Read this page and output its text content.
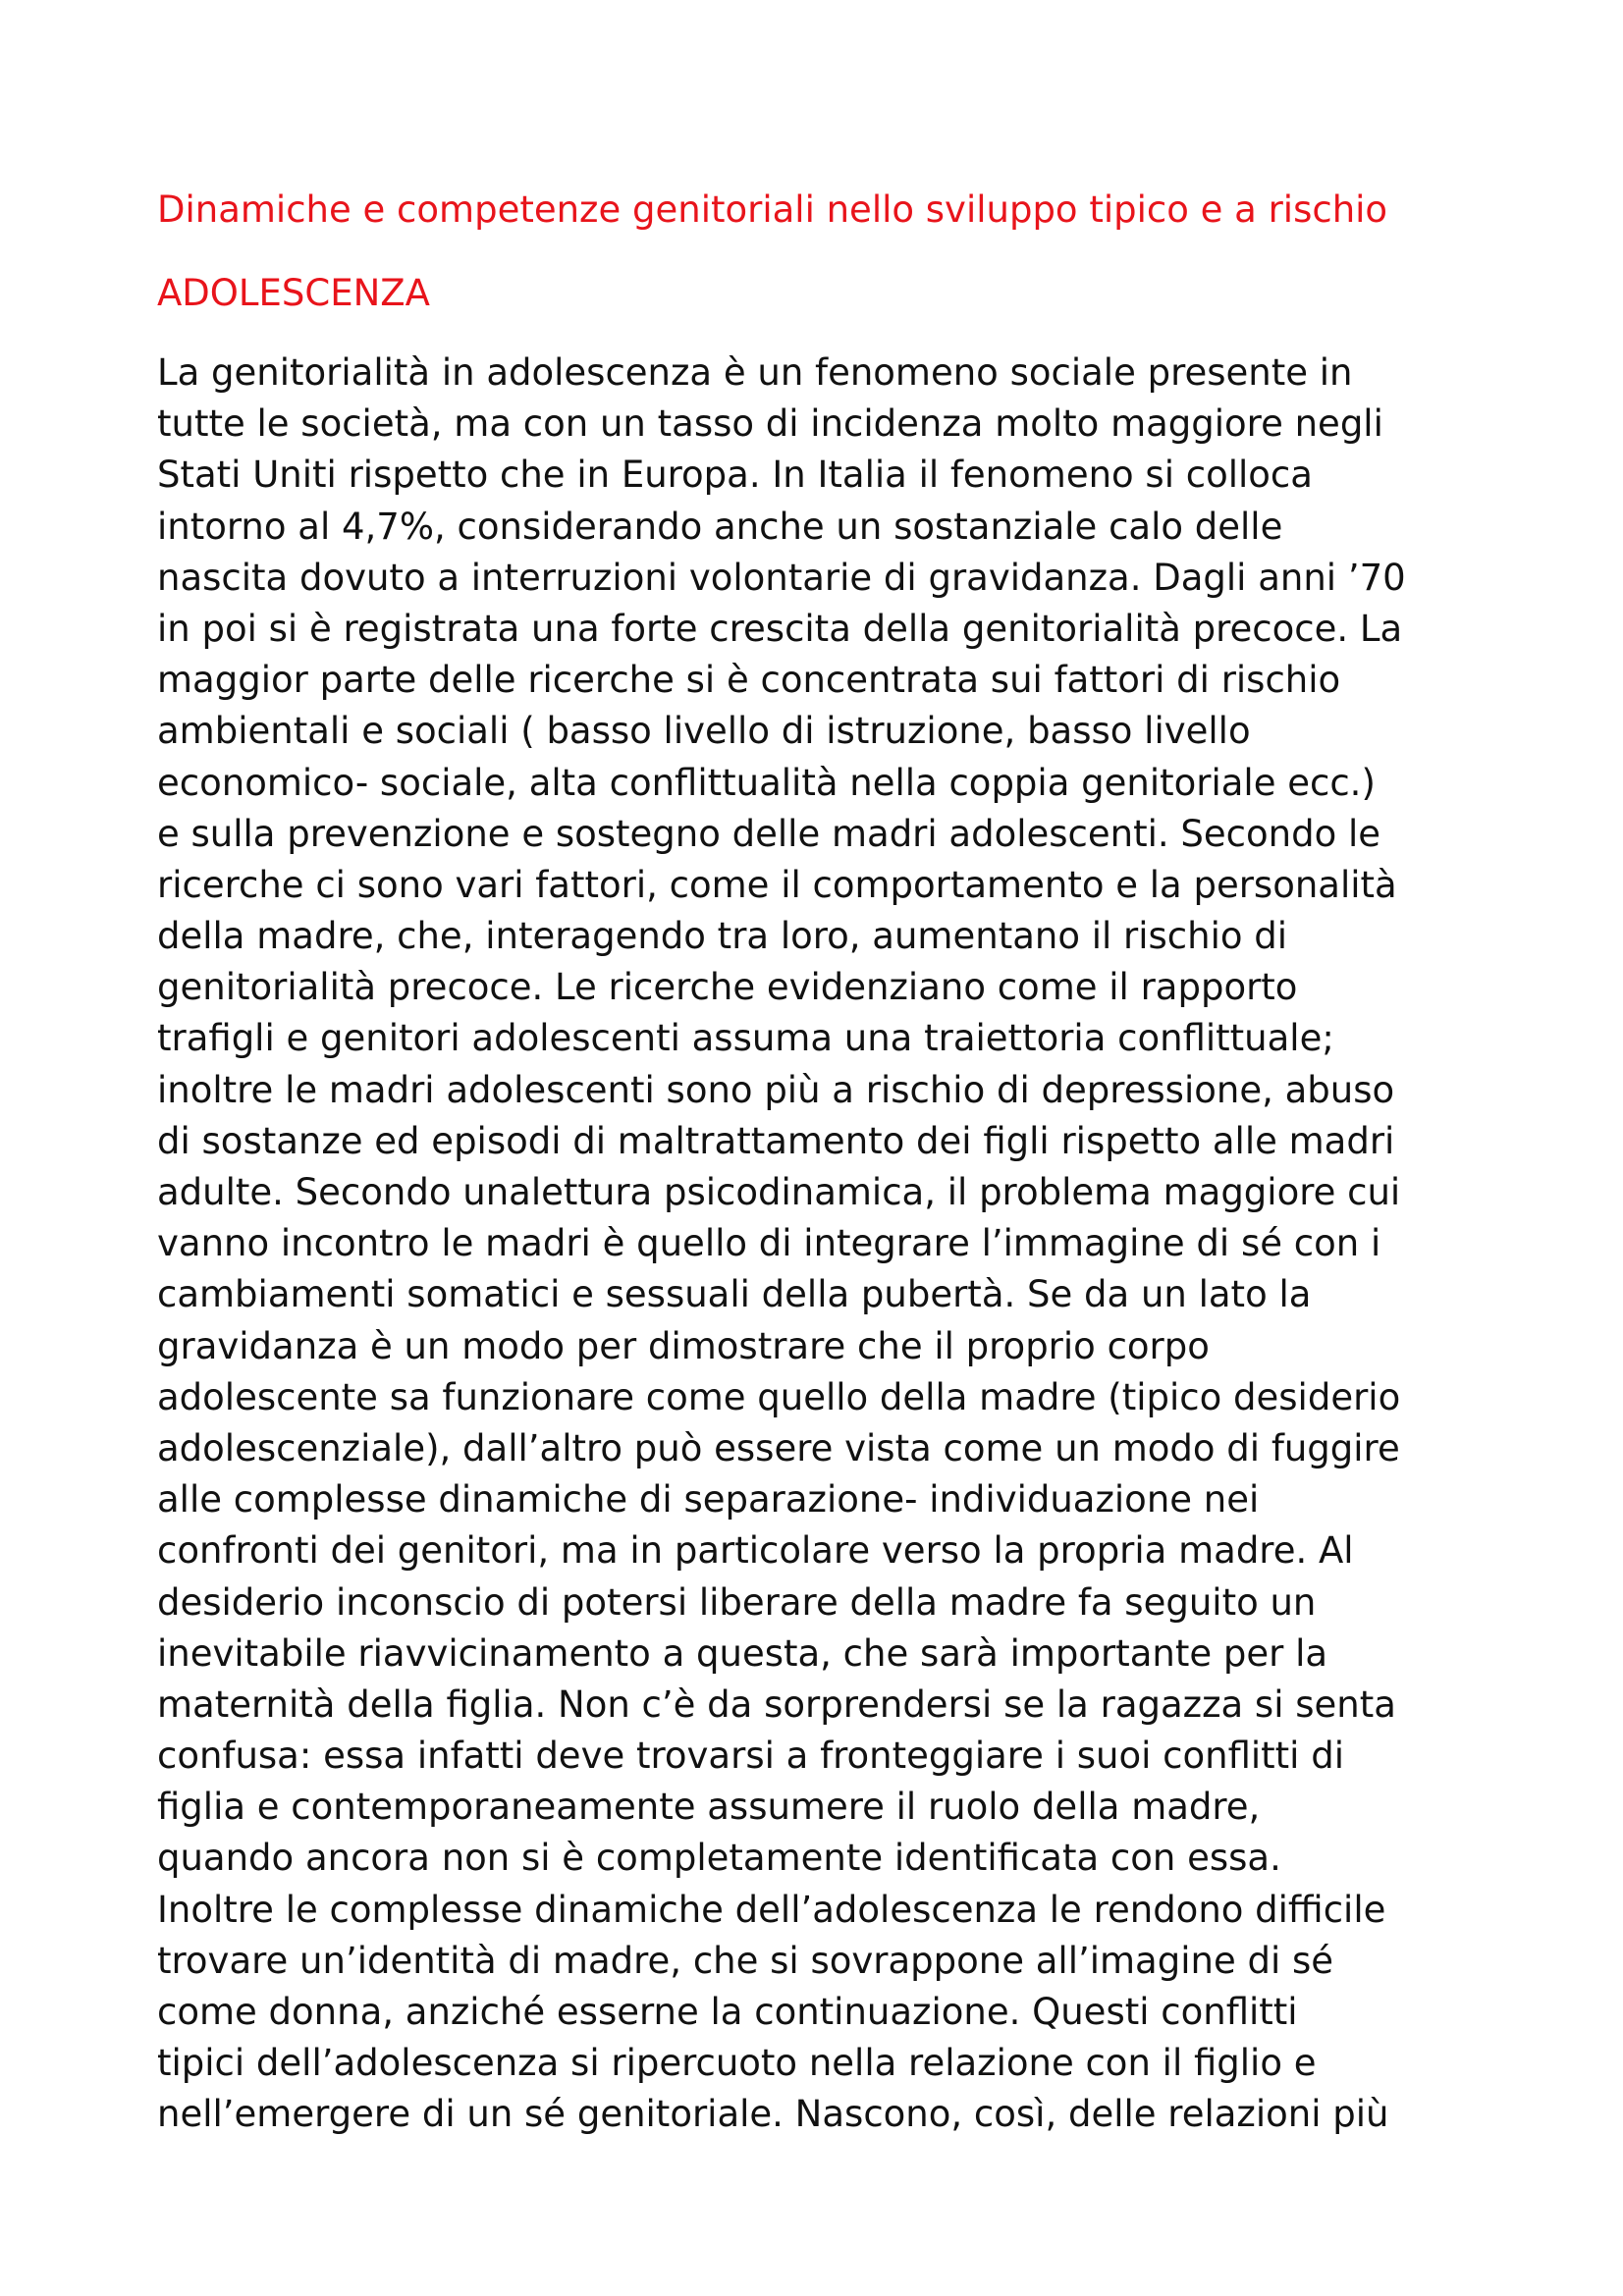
Dinamiche e competenze genitoriali nello sviluppo tipico e a rischio
ADOLESCENZA
La genitorialità in adolescenza è un fenomeno sociale presente in
tutte le società, ma con un tasso di incidenza molto maggiore negli
Stati Uniti rispetto che in Europa. In Italia il fenomeno si colloca
intorno al 4,7%, considerando anche un sostanziale calo delle
nascita dovuto a interruzioni volontarie di gravidanza. Dagli anni ’70
in poi si è registrata una forte crescita della genitorialità precoce. La
maggior parte delle ricerche si è concentrata sui fattori di rischio
ambientali e sociali ( basso livello di istruzione, basso livello
economico- sociale, alta conflittualità nella coppia genitoriale ecc.)
e sulla prevenzione e sostegno delle madri adolescenti. Secondo le
ricerche ci sono vari fattori, come il comportamento e la personalità
della madre, che, interagendo tra loro, aumentano il rischio di
genitorialità precoce. Le ricerche evidenziano come il rapporto
trafigli e genitori adolescenti assuma una traiettoria conflittuale;
inoltre le madri adolescenti sono più a rischio di depressione, abuso
di sostanze ed episodi di maltrattamento dei figli rispetto alle madri
adulte. Secondo unalettura psicodinamica, il problema maggiore cui
vanno incontro le madri è quello di integrare l’immagine di sé con i
cambiamenti somatici e sessuali della pubertà. Se da un lato la
gravidanza è un modo per dimostrare che il proprio corpo
adolescente sa funzionare come quello della madre (tipico desiderio
adolescenziale), dall’altro può essere vista come un modo di fuggire
alle complesse dinamiche di separazione- individuazione nei
confronti dei genitori, ma in particolare verso la propria madre. Al
desiderio inconscio di potersi liberare della madre fa seguito un
inevitabile riavvicinamento a questa, che sarà importante per la
maternità della figlia. Non c’è da sorprendersi se la ragazza si senta
confusa: essa infatti deve trovarsi a fronteggiare i suoi conflitti di
figlia e contemporaneamente assumere il ruolo della madre,
quando ancora non si è completamente identificata con essa.
Inoltre le complesse dinamiche dell’adolescenza le rendono difficile
trovare un’identità di madre, che si sovrappone all’imagine di sé
come donna, anziché esserne la continuazione. Questi conflitti
tipici dell’adolescenza si ripercuoto nella relazione con il figlio e
nell’emergere di un sé genitoriale. Nascono, così, delle relazioni più
